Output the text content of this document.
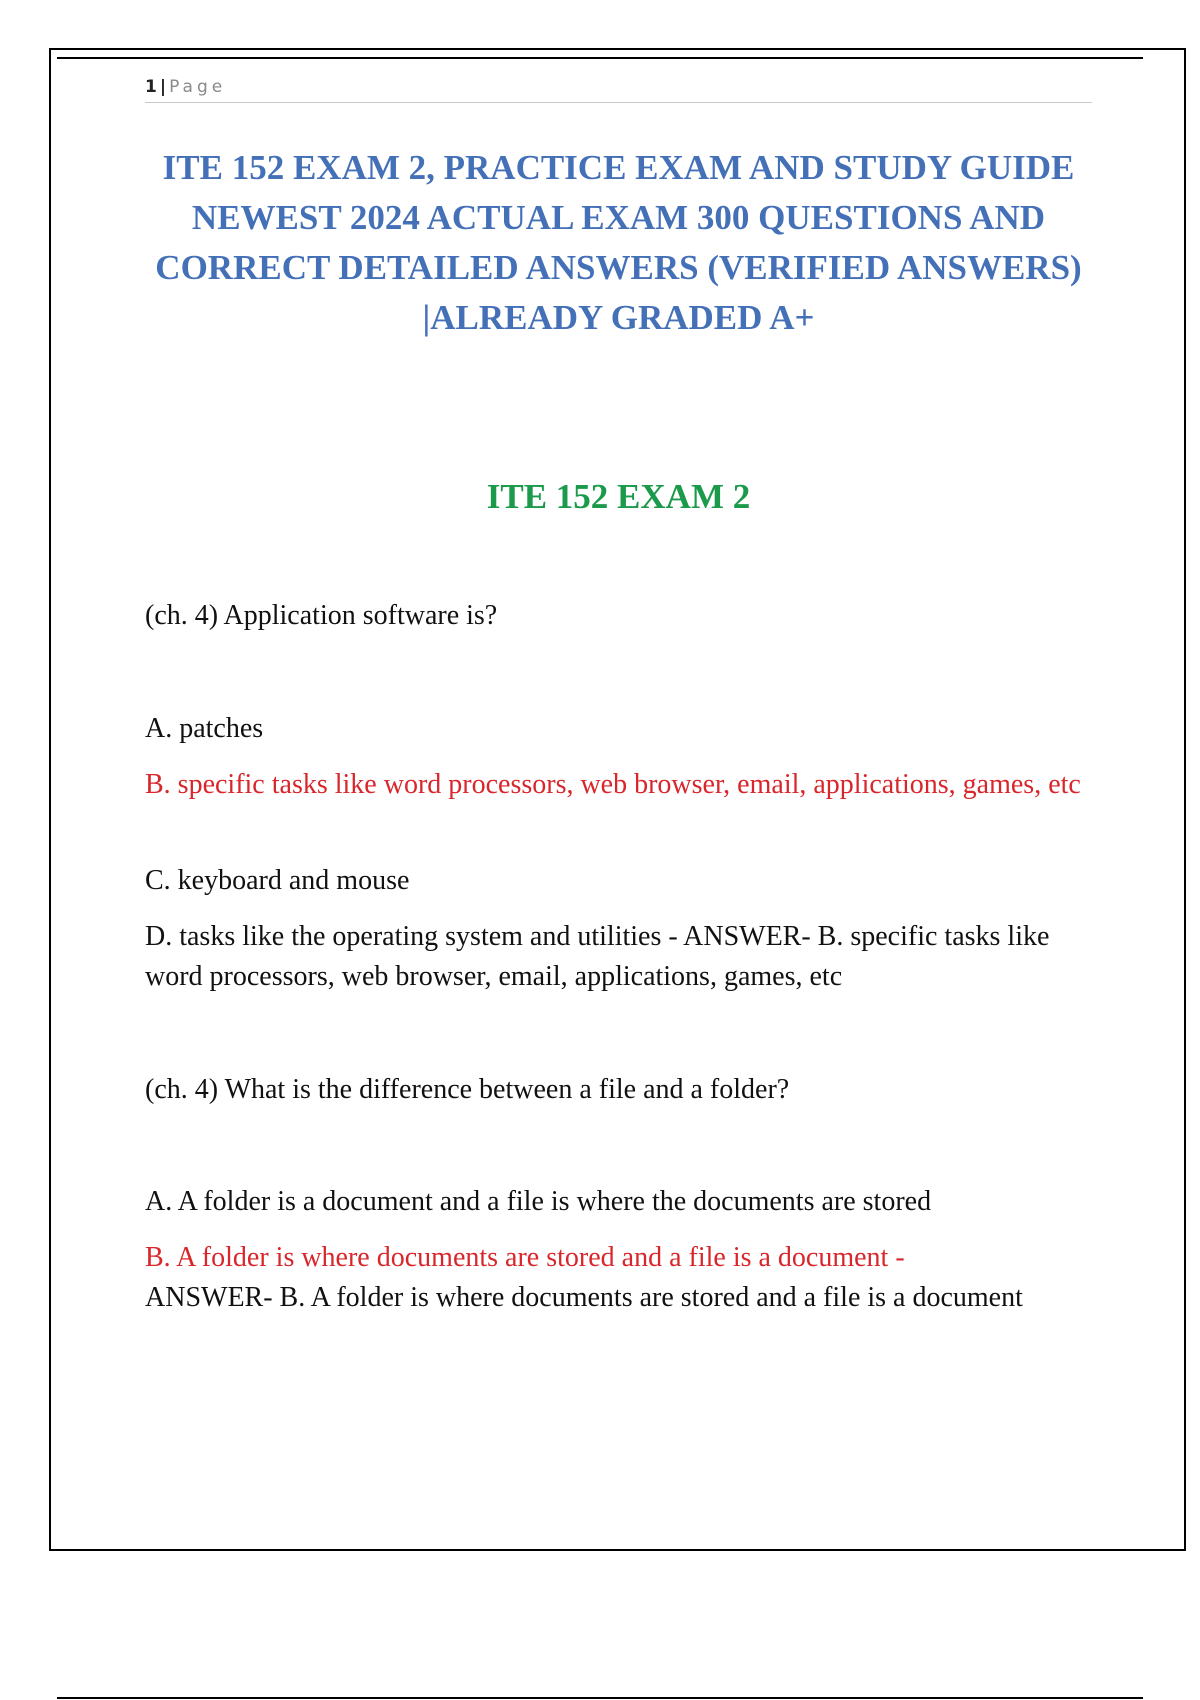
1 | Page
ITE 152 EXAM 2, PRACTICE EXAM AND STUDY GUIDE NEWEST 2024 ACTUAL EXAM 300 QUESTIONS AND CORRECT DETAILED ANSWERS (VERIFIED ANSWERS) |ALREADY GRADED A+
ITE 152 EXAM 2

(ch. 4) Application software is?

A. patches

B. specific tasks like word processors, web browser, email, applications, games, etc

C. keyboard and mouse

D. tasks like the operating system and utilities - ANSWER- B. specific tasks like word processors, web browser, email, applications, games, etc

(ch. 4) What is the difference between a file and a folder?

A. A folder is a document and a file is where the documents are stored

B. A folder is where documents are stored and a file is a document -
ANSWER- B. A folder is where documents are stored and a file is a document
